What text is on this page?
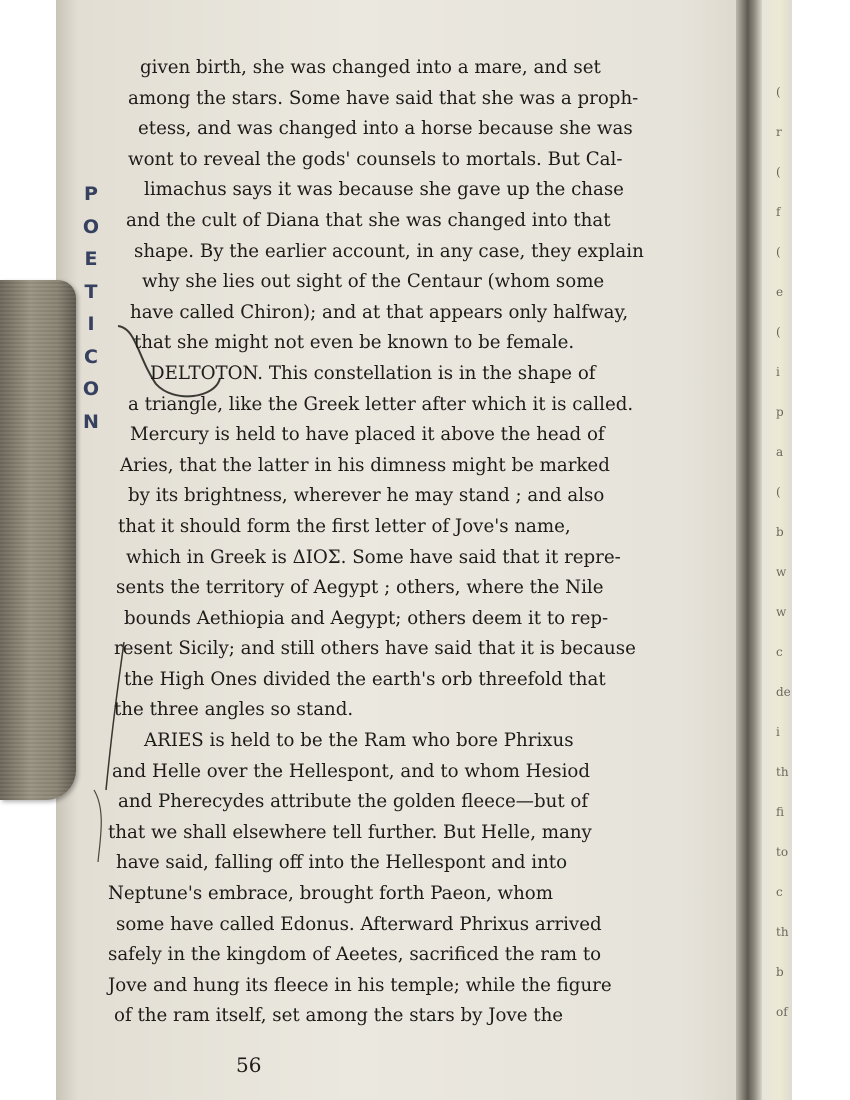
(
r
(
f
(
e
(
i
p
a
(
b
w
w
c
de
i
th
fi
to
c
th
b
of
P
O
E
T
I
C
O
N
given birth, she was changed into a mare, and set
among the stars. Some have said that she was a proph-
etess, and was changed into a horse because she was
wont to reveal the gods' counsels to mortals. But Cal-
limachus says it was because she gave up the chase
and the cult of Diana that she was changed into that
shape. By the earlier account, in any case, they explain
why she lies out sight of the Centaur (whom some
have called Chiron); and at that appears only halfway,
that she might not even be known to be female.
DELTOTON. This constellation is in the shape of
a triangle, like the Greek letter after which it is called.
Mercury is held to have placed it above the head of
Aries, that the latter in his dimness might be marked
by its brightness, wherever he may stand ; and also
that it should form the first letter of Jove's name,
which in Greek is ΔΙΟΣ. Some have said that it repre-
sents the territory of Aegypt ; others, where the Nile
bounds Aethiopia and Aegypt; others deem it to rep-
resent Sicily; and still others have said that it is because
the High Ones divided the earth's orb threefold that
the three angles so stand.
ARIES is held to be the Ram who bore Phrixus
and Helle over the Hellespont, and to whom Hesiod
and Pherecydes attribute the golden fleece—but of
that we shall elsewhere tell further. But Helle, many
have said, falling off into the Hellespont and into
Neptune's embrace, brought forth Paeon, whom
some have called Edonus. Afterward Phrixus arrived
safely in the kingdom of Aeetes, sacrificed the ram to
Jove and hung its fleece in his temple; while the figure
of the ram itself, set among the stars by Jove the
56
